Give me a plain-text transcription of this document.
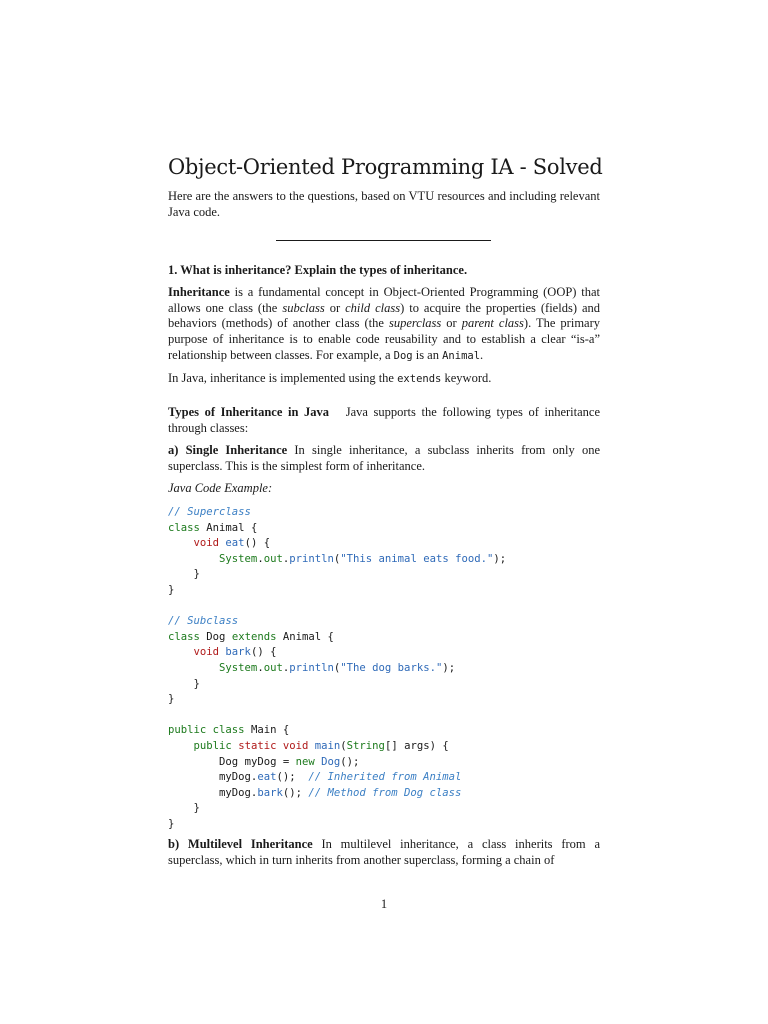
Object-Oriented Programming IA - Solved
Here are the answers to the questions, based on VTU resources and including relevant Java code.
1. What is inheritance? Explain the types of inheritance.
Inheritance is a fundamental concept in Object-Oriented Programming (OOP) that allows one class (the subclass or child class) to acquire the properties (fields) and behaviors (methods) of another class (the superclass or parent class). The primary purpose of inheritance is to enable code reusability and to establish a clear “is-a” relationship between classes. For example, a Dog is an Animal.
In Java, inheritance is implemented using the extends keyword.
Types of Inheritance in Java Java supports the following types of inheritance through classes:
a) Single Inheritance In single inheritance, a subclass inherits from only one superclass. This is the simplest form of inheritance.
Java Code Example:
// Superclass
class Animal {
void eat() {
System.out.println("This animal eats food.");
}
}

// Subclass
class Dog extends Animal {
void bark() {
System.out.println("The dog barks.");
}
}

public class Main {
public static void main(String[] args) {
Dog myDog = new Dog();
myDog.eat();  // Inherited from Animal
myDog.bark(); // Method from Dog class
}
}
b) Multilevel Inheritance In multilevel inheritance, a class inherits from a superclass, which in turn inherits from another superclass, forming a chain of
1
